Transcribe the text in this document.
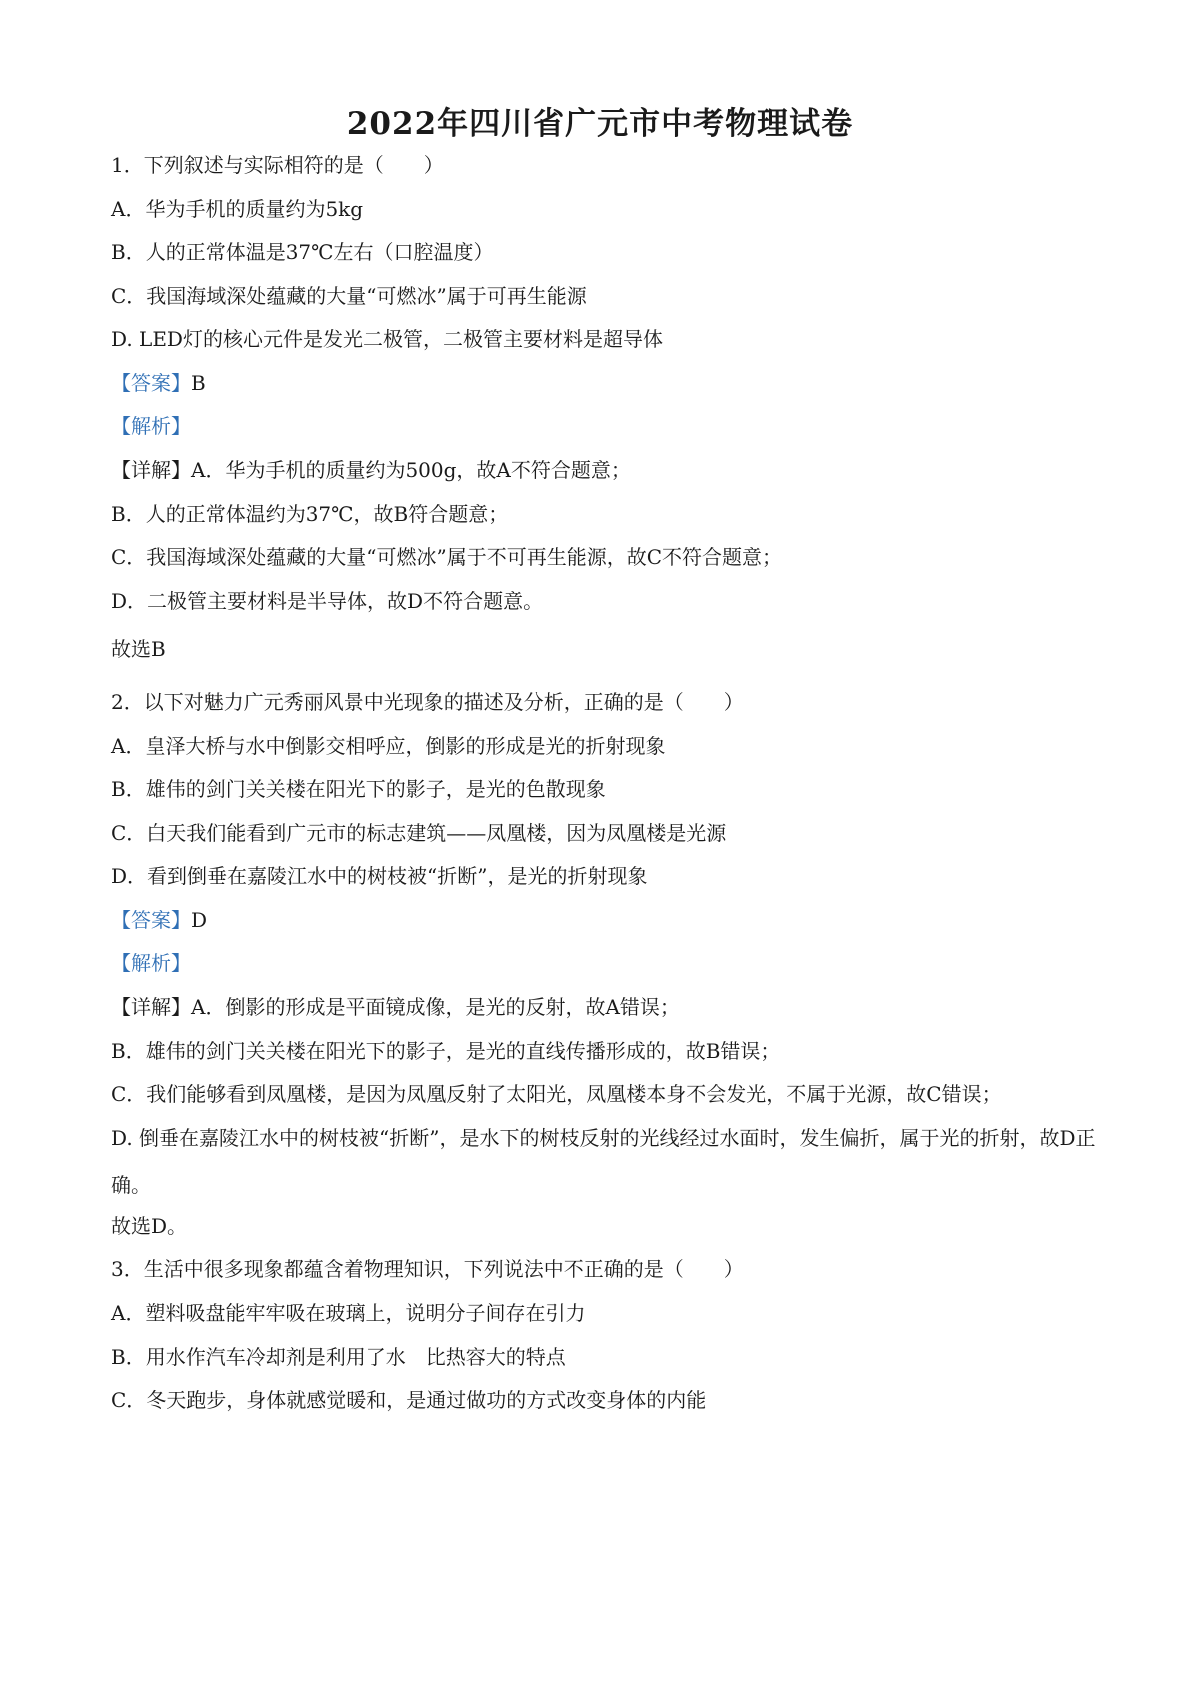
2022年四川省广元市中考物理试卷
1．下列叙述与实际相符的是（　　）
A．华为手机的质量约为5kg
B．人的正常体温是37℃左右（口腔温度）
C．我国海域深处蕴藏的大量“可燃冰”属于可再生能源
D. LED灯的核心元件是发光二极管，二极管主要材料是超导体
【答案】B
【解析】
【详解】A．华为手机的质量约为500g，故A不符合题意；
B．人的正常体温约为37℃，故B符合题意；
C．我国海域深处蕴藏的大量“可燃冰”属于不可再生能源，故C不符合题意；
D．二极管主要材料是半导体，故D不符合题意。
故选B
2．以下对魅力广元秀丽风景中光现象的描述及分析，正确的是（　　）
A．皇泽大桥与水中倒影交相呼应，倒影的形成是光的折射现象
B．雄伟的剑门关关楼在阳光下的影子，是光的色散现象
C．白天我们能看到广元市的标志建筑——凤凰楼，因为凤凰楼是光源
D．看到倒垂在嘉陵江水中的树枝被“折断”，是光的折射现象
【答案】D
【解析】
【详解】A．倒影的形成是平面镜成像，是光的反射，故A错误；
B．雄伟的剑门关关楼在阳光下的影子，是光的直线传播形成的，故B错误；
C．我们能够看到凤凰楼，是因为凤凰反射了太阳光，凤凰楼本身不会发光，不属于光源，故C错误；
D. 倒垂在嘉陵江水中的树枝被“折断”，是水下的树枝反射的光线经过水面时，发生偏折，属于光的折射，故D正确。
故选D。
3．生活中很多现象都蕴含着物理知识，下列说法中不正确的是（　　）
A．塑料吸盘能牢牢吸在玻璃上，说明分子间存在引力
B．用水作汽车冷却剂是利用了水　比热容大的特点
C．冬天跑步，身体就感觉暖和，是通过做功的方式改变身体的内能
